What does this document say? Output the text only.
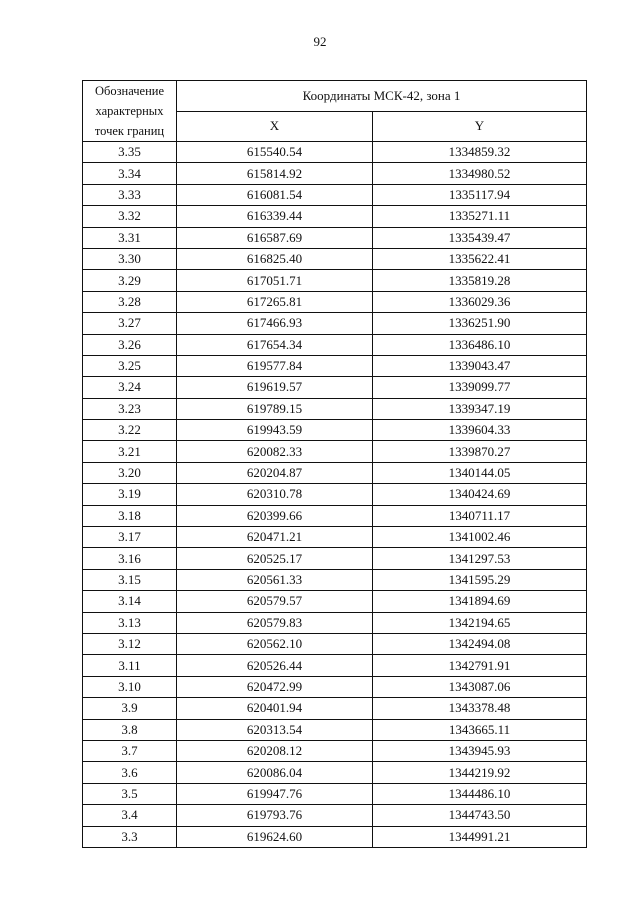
92
Обозначение
характерных
точек границ	Координаты МСК-42, зона 1	
	X	Y
3.35	615540.54	1334859.32
3.34	615814.92	1334980.52
3.33	616081.54	1335117.94
3.32	616339.44	1335271.11
3.31	616587.69	1335439.47
3.30	616825.40	1335622.41
3.29	617051.71	1335819.28
3.28	617265.81	1336029.36
3.27	617466.93	1336251.90
3.26	617654.34	1336486.10
3.25	619577.84	1339043.47
3.24	619619.57	1339099.77
3.23	619789.15	1339347.19
3.22	619943.59	1339604.33
3.21	620082.33	1339870.27
3.20	620204.87	1340144.05
3.19	620310.78	1340424.69
3.18	620399.66	1340711.17
3.17	620471.21	1341002.46
3.16	620525.17	1341297.53
3.15	620561.33	1341595.29
3.14	620579.57	1341894.69
3.13	620579.83	1342194.65
3.12	620562.10	1342494.08
3.11	620526.44	1342791.91
3.10	620472.99	1343087.06
3.9	620401.94	1343378.48
3.8	620313.54	1343665.11
3.7	620208.12	1343945.93
3.6	620086.04	1344219.92
3.5	619947.76	1344486.10
3.4	619793.76	1344743.50
3.3	619624.60	1344991.21
